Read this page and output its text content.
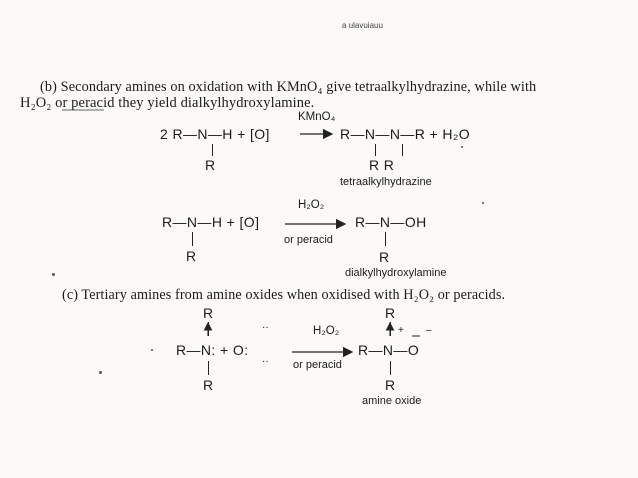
a ulavuiauu
(b) Secondary amines on oxidation with KMnO₄ give tetraalkylhydrazine, while with
H₂O₂ or peracid they yield dialkylhydroxylamine.
KMnO₄
2 R—N—H + [O]
R
R—N—N—R + H₂O
R R
tetraalkylhydrazine
H₂O₂
R—N—H + [O]
R
or peracid
R—N—OH
R
dialkylhydroxylamine
(c) Tertiary amines from amine oxides when oxidised with H₂O₂ or peracids.
R
··
R—N: + O:
··
R
H₂O₂
or peracid
R
+ –
R—N—O
R
amine oxide
